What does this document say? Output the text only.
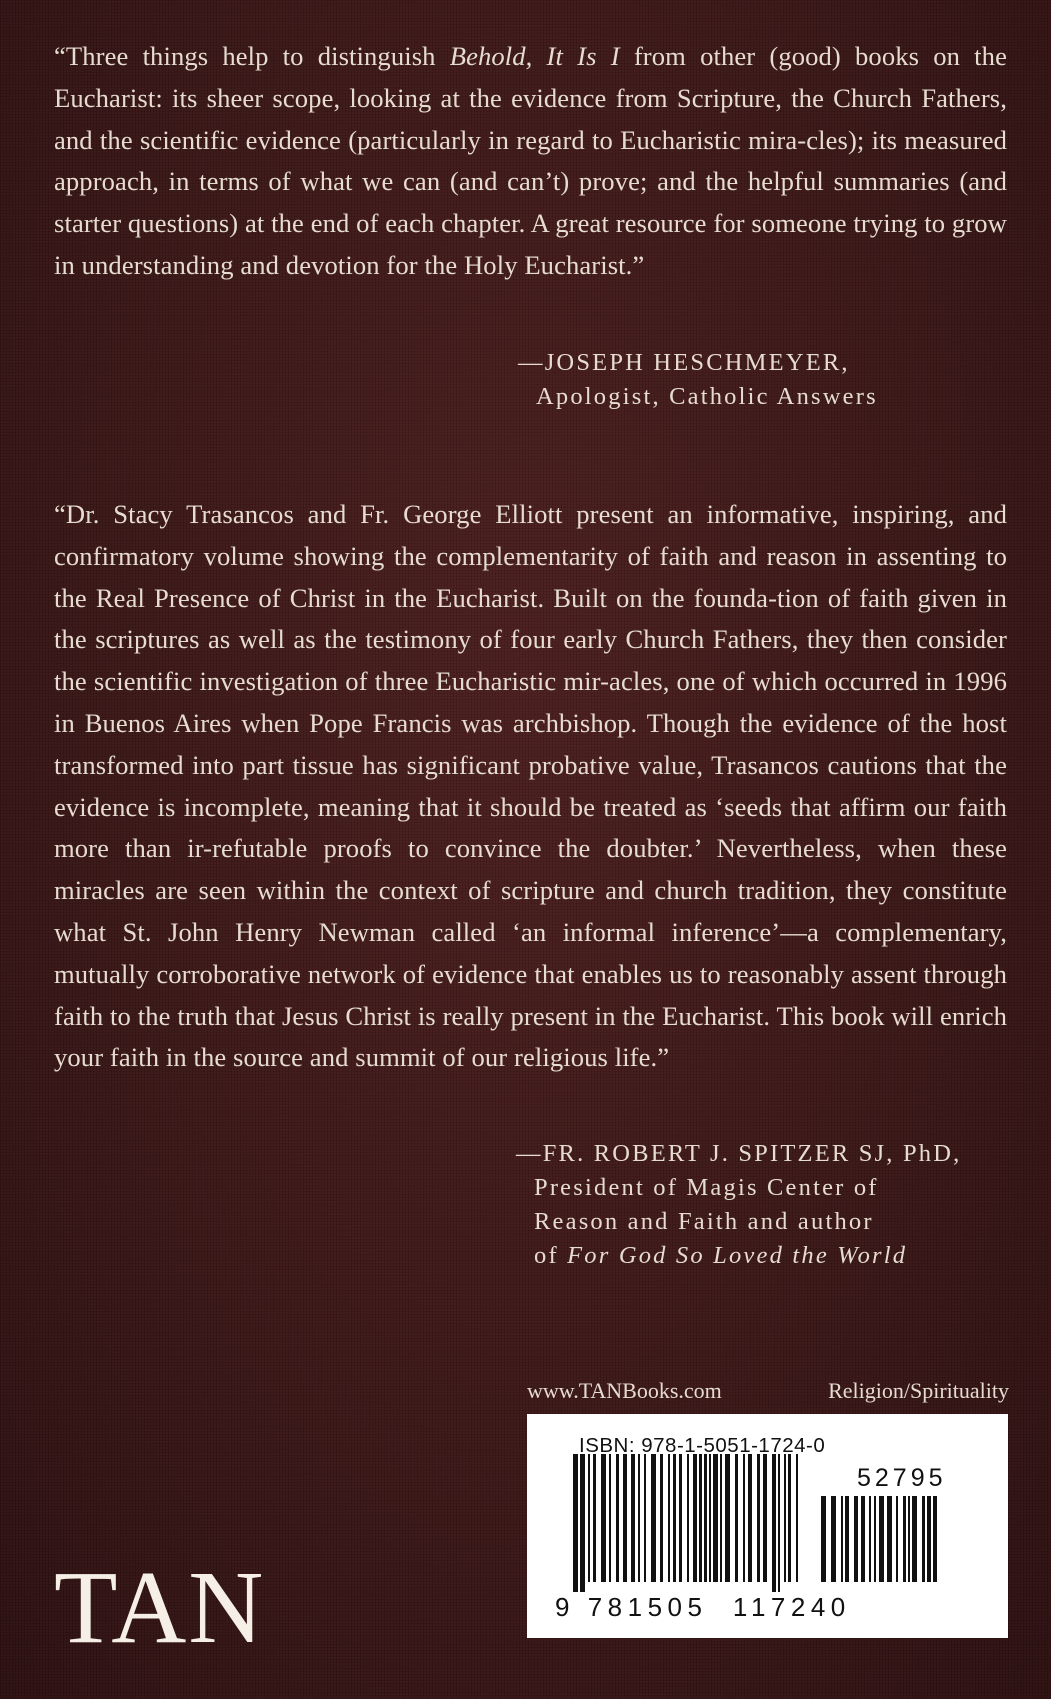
“Three things help to distinguish Behold, It Is I from other (good) books on the Eucharist: its sheer scope, looking at the evidence from Scripture, the Church Fathers, and the scientific evidence (particularly in regard to Eucharistic mira-cles); its measured approach, in terms of what we can (and can’t) prove; and the helpful summaries (and starter questions) at the end of each chapter. A great resource for someone trying to grow in understanding and devotion for the Holy Eucharist.”

—JOSEPH HESCHMEYER,
Apologist, Catholic Answers

“Dr. Stacy Trasancos and Fr. George Elliott present an informative, inspiring, and confirmatory volume showing the complementarity of faith and reason in assenting to the Real Presence of Christ in the Eucharist. Built on the founda-tion of faith given in the scriptures as well as the testimony of four early Church Fathers, they then consider the scientific investigation of three Eucharistic mir-acles, one of which occurred in 1996 in Buenos Aires when Pope Francis was archbishop. Though the evidence of the host transformed into part tissue has significant probative value, Trasancos cautions that the evidence is incomplete, meaning that it should be treated as ‘seeds that affirm our faith more than ir-refutable proofs to convince the doubter.’ Nevertheless, when these miracles are seen within the context of scripture and church tradition, they constitute what St. John Henry Newman called ‘an informal inference’—a complementary, mutually corroborative network of evidence that enables us to reasonably assent through faith to the truth that Jesus Christ is really present in the Eucharist. This book will enrich your faith in the source and summit of our religious life.”

—FR. ROBERT J. SPITZER SJ, PhD,
President of Magis Center of
Reason and Faith and author
of For God So Loved the World
www.TANBooks.com	Religion/Spirituality
TAN
ISBN: 978-1-5051-1724-0
52795
9 781505 117240
